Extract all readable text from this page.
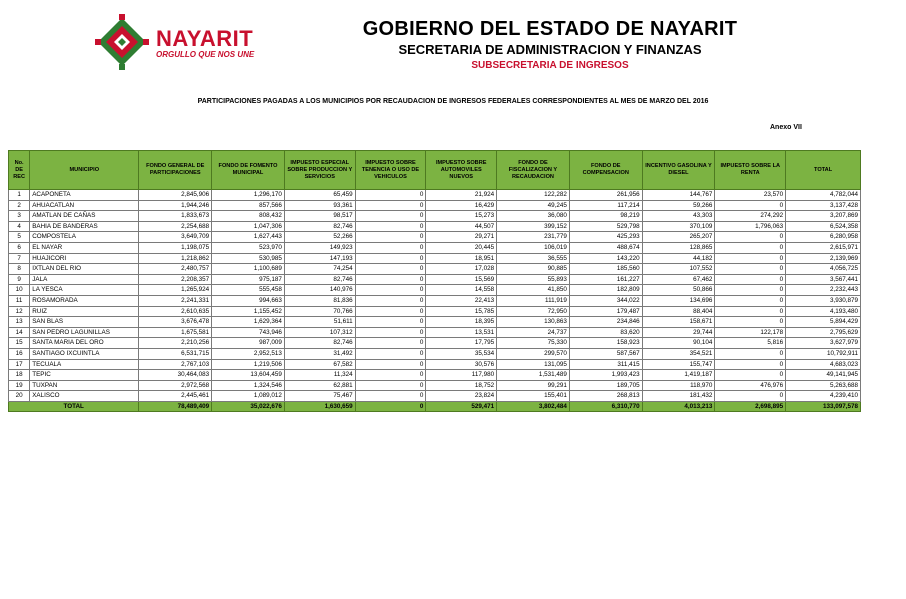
NAYARIT
ORGULLO QUE NOS UNE
GOBIERNO DEL ESTADO DE NAYARIT
SECRETARIA DE ADMINISTRACION Y FINANZAS
SUBSECRETARIA DE INGRESOS
PARTICIPACIONES PAGADAS A LOS MUNICIPIOS POR RECAUDACION DE INGRESOS FEDERALES CORRESPONDIENTES AL MES DE MARZO DEL 2016
Anexo VII
No. DE REC	MUNICIPIO	FONDO GENERAL DE PARTICIPACIONES	FONDO DE FOMENTO MUNICIPAL	IMPUESTO ESPECIAL SOBRE PRODUCCION Y SERVICIOS	IMPUESTO SOBRE TENENCIA O USO DE VEHICULOS	IMPUESTO SOBRE AUTOMOVILES NUEVOS	FONDO DE FISCALIZACION Y RECAUDACION	FONDO DE COMPENSACION	INCENTIVO GASOLINA Y DIESEL	IMPUESTO SOBRE LA RENTA	TOTAL
1	ACAPONETA	2,845,906	1,296,170	65,459	0	21,924	122,282	261,956	144,767	23,570	4,782,044
2	AHUACATLAN	1,944,246	857,566	93,361	0	16,429	49,245	117,214	59,266	0	3,137,428
3	AMATLAN DE CAÑAS	1,833,673	808,432	98,517	0	15,273	36,080	98,219	43,303	274,292	3,207,869
4	BAHIA DE BANDERAS	2,254,688	1,047,306	82,746	0	44,507	399,152	529,798	370,109	1,796,063	6,524,358
5	COMPOSTELA	3,649,709	1,627,443	52,266	0	29,271	231,779	425,293	265,207	0	6,280,958
6	EL NAYAR	1,198,075	523,970	149,923	0	20,445	106,019	488,674	128,865	0	2,615,971
7	HUAJICORI	1,218,862	530,985	147,193	0	18,951	36,555	143,220	44,182	0	2,139,969
8	IXTLAN DEL RIO	2,480,757	1,100,689	74,254	0	17,028	90,885	185,560	107,552	0	4,056,725
9	JALA	2,208,357	975,187	82,746	0	15,569	55,893	161,227	67,462	0	3,567,441
10	LA YESCA	1,265,924	555,458	140,976	0	14,558	41,850	182,809	50,866	0	2,232,443
11	ROSAMORADA	2,241,331	994,663	81,836	0	22,413	111,919	344,022	134,696	0	3,930,879
12	RUIZ	2,610,635	1,155,452	70,766	0	15,785	72,950	179,487	88,404	0	4,193,480
13	SAN BLAS	3,676,478	1,629,364	51,611	0	18,395	130,863	234,846	158,671	0	5,894,429
14	SAN PEDRO LAGUNILLAS	1,675,581	743,946	107,312	0	13,531	24,737	83,620	29,744	122,178	2,795,629
15	SANTA MARIA DEL ORO	2,210,256	987,009	82,746	0	17,795	75,330	158,923	90,104	5,816	3,627,979
16	SANTIAGO IXCUINTLA	6,531,715	2,952,513	31,492	0	35,534	299,570	587,567	354,521	0	10,792,911
17	TECUALA	2,767,103	1,219,506	67,582	0	30,576	131,095	311,415	155,747	0	4,683,023
18	TEPIC	30,464,083	13,604,459	11,324	0	117,980	1,531,489	1,993,423	1,419,187	0	49,141,945
19	TUXPAN	2,972,568	1,324,546	62,881	0	18,752	99,291	189,705	118,970	476,976	5,263,688
20	XALISCO	2,445,461	1,089,012	75,467	0	23,824	155,401	268,813	181,432	0	4,239,410
TOTAL		78,489,409	35,022,676	1,630,659	0	529,471	3,802,484	6,310,770	4,013,213	2,698,895	133,097,578
